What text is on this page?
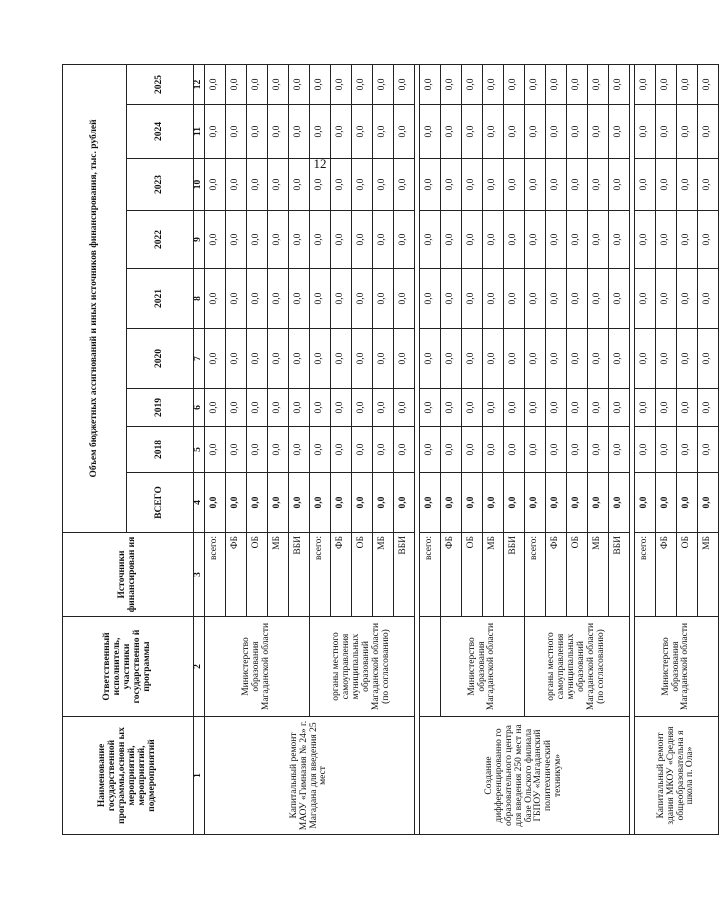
12
Наименование государственной программы,основн ых мероприятий, мероприятий, подмероприятий	Ответственный исполнитель, участники государственно й программы	Источники финансирован ия	Объем бюджетных ассигнований и иных источников финансирования, тыс. рублей								
			ВСЕГО	2018	2019	2020	2021	2022	2023	2024	2025
1	2	3	4	5	6	7	8	9	10	11	12
Капитальный ремонт МАОУ «Гимназия № 24» г. Магадана для введения 25 мест	Министерство образования Магаданской области	всего:	0,0	0,0	0,0	0,0	0,0	0,0	0,0	0,0	0,0
		ФБ	0,0	0,0	0,0	0,0	0,0	0,0	0,0	0,0	0,0
		ОБ	0,0	0,0	0,0	0,0	0,0	0,0	0,0	0,0	0,0
		МБ	0,0	0,0	0,0	0,0	0,0	0,0	0,0	0,0	0,0
		ВБИ	0,0	0,0	0,0	0,0	0,0	0,0	0,0	0,0	0,0
	органы местного самоуправления муниципальных образований Магаданской области (по согласованию)	всего:	0,0	0,0	0,0	0,0	0,0	0,0	0,0	0,0	0,0
		ФБ	0,0	0,0	0,0	0,0	0,0	0,0	0,0	0,0	0,0
		ОБ	0,0	0,0	0,0	0,0	0,0	0,0	0,0	0,0	0,0
		МБ	0,0	0,0	0,0	0,0	0,0	0,0	0,0	0,0	0,0
		ВБИ	0,0	0,0	0,0	0,0	0,0	0,0	0,0	0,0	0,0

Создание дифференцированно го образовательного центра для введения 250 мест на базе Ольского филиала ГБПОУ «Магаданский политехнический техникум»		всего:	0,0	0,0	0,0	0,0	0,0	0,0	0,0	0,0	0,0
	Министерство образования Магаданской области	ФБ	0,0	0,0	0,0	0,0	0,0	0,0	0,0	0,0	0,0
		ОБ	0,0	0,0	0,0	0,0	0,0	0,0	0,0	0,0	0,0
		МБ	0,0	0,0	0,0	0,0	0,0	0,0	0,0	0,0	0,0
		ВБИ	0,0	0,0	0,0	0,0	0,0	0,0	0,0	0,0	0,0
	органы местного самоуправления муниципальных образований Магаданской области (по согласованию)	всего:	0,0	0,0	0,0	0,0	0,0	0,0	0,0	0,0	0,0
		ФБ	0,0	0,0	0,0	0,0	0,0	0,0	0,0	0,0	0,0
		ОБ	0,0	0,0	0,0	0,0	0,0	0,0	0,0	0,0	0,0
		МБ	0,0	0,0	0,0	0,0	0,0	0,0	0,0	0,0	0,0
		ВБИ	0,0	0,0	0,0	0,0	0,0	0,0	0,0	0,0	0,0

Капитальный ремонт здания МКОУ «Средняя общеобразовательна я школа п. Ола»	Министерство образования Магаданской области	всего:	0,0	0,0	0,0	0,0	0,0	0,0	0,0	0,0	0,0
		ФБ	0,0	0,0	0,0	0,0	0,0	0,0	0,0	0,0	0,0
		ОБ	0,0	0,0	0,0	0,0	0,0	0,0	0,0	0,0	0,0
		МБ	0,0	0,0	0,0	0,0	0,0	0,0	0,0	0,0	0,0
